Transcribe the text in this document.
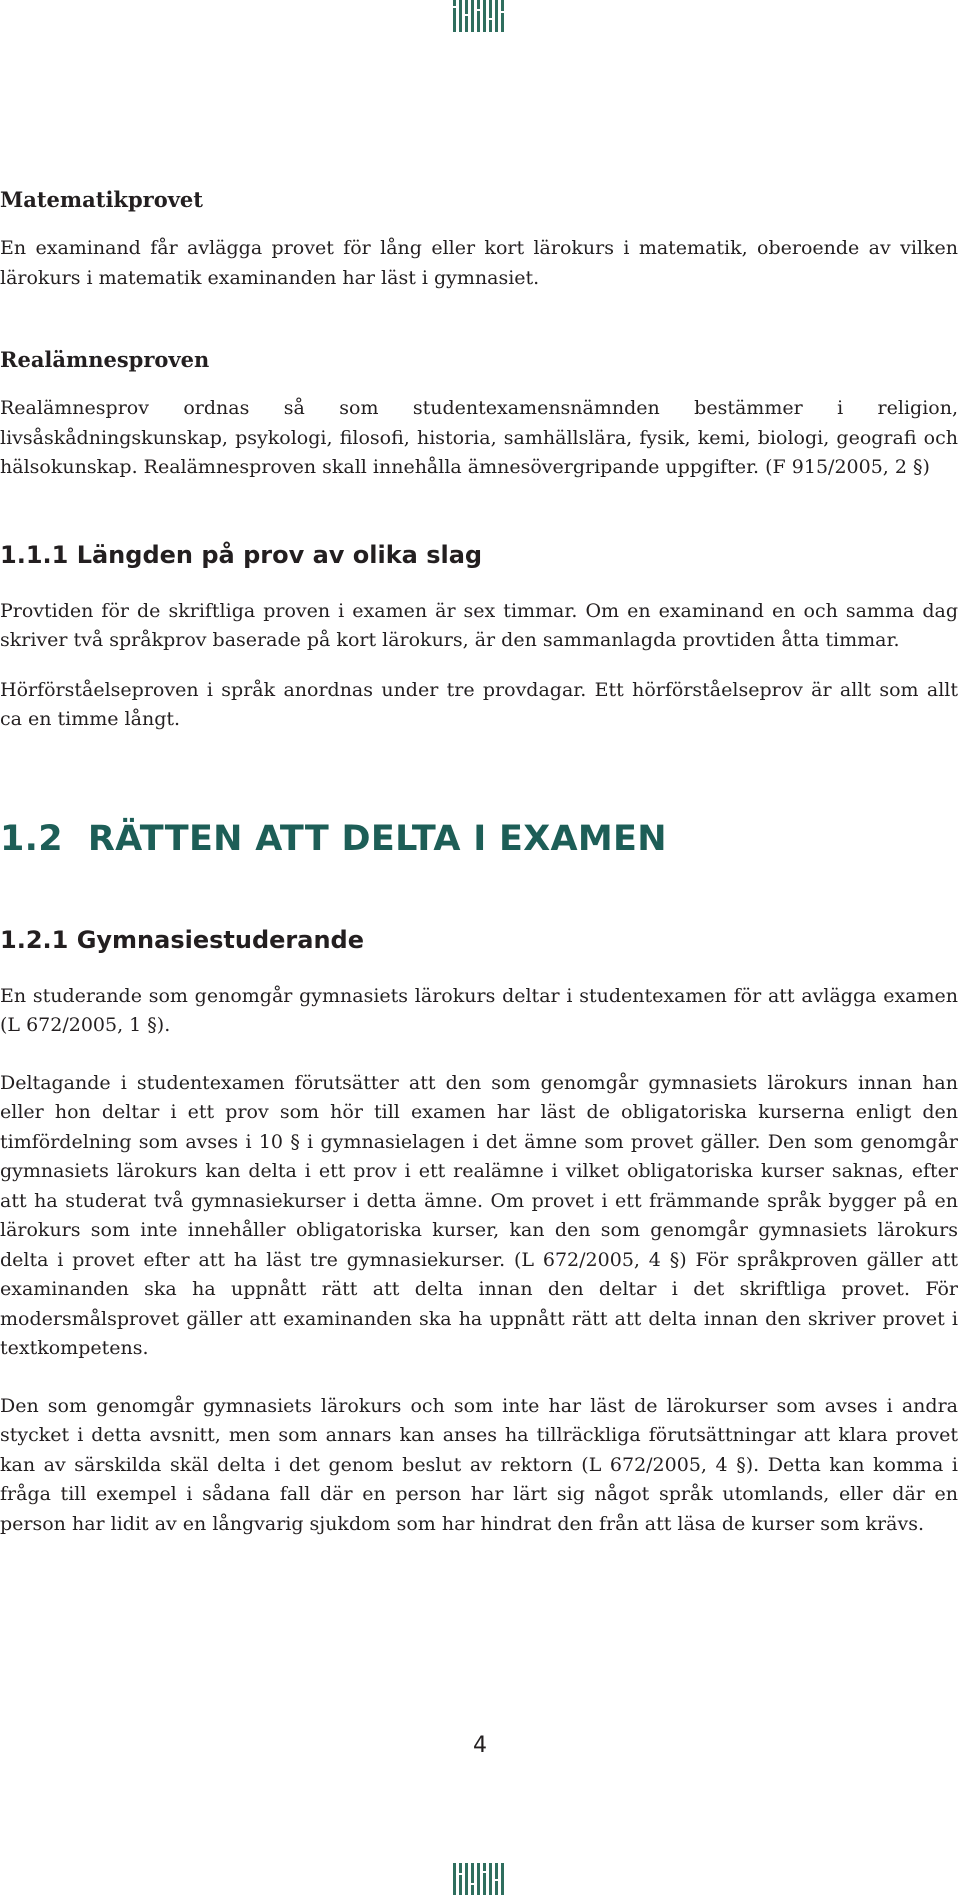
Matematikprovet

En examinand får avlägga provet för lång eller kort lärokurs i matematik, oberoende av vilken lärokurs i matematik examinanden har läst i gymnasiet.

Realämnesproven

Realämnesprov ordnas så som studentexamensnämnden bestämmer i religion, livsåskådningskunskap, psykologi, filosofi, historia, samhällslära, fysik, kemi, biologi, geografi och hälsokunskap. Realämnesproven skall innehålla ämnesövergripande uppgifter. (F 915/2005, 2 §)

1.1.1 Längden på prov av olika slag

Provtiden för de skriftliga proven i examen är sex timmar. Om en examinand en och samma dag skriver två språkprov baserade på kort lärokurs, är den sammanlagda provtiden åtta timmar.

Hörförståelseproven i språk anordnas under tre provdagar. Ett hörförståelseprov är allt som allt ca en timme långt.

1.2  RÄTTEN ATT DELTA I EXAMEN
1.2.1 Gymnasiestuderande

En studerande som genomgår gymnasiets lärokurs deltar i studentexamen för att avlägga examen (L 672/2005, 1 §).

Deltagande i studentexamen förutsätter att den som genomgår gymnasiets lärokurs innan han eller hon deltar i ett prov som hör till examen har läst de obligatoriska kurserna enligt den timfördelning som avses i 10 § i gymnasielagen i det ämne som provet gäller. Den som genomgår gymnasiets lärokurs kan delta i ett prov i ett realämne i vilket obligatoriska kurser saknas, efter att ha studerat två gymnasiekurser i detta ämne. Om provet i ett främmande språk bygger på en lärokurs som inte innehåller obligatoriska kurser, kan den som genomgår gymnasiets lärokurs delta i provet efter att ha läst tre gymnasiekurser. (L 672/2005, 4 §) För språkproven gäller att examinanden ska ha uppnått rätt att delta innan den deltar i det skriftliga provet. För modersmålsprovet gäller att examinanden ska ha uppnått rätt att delta innan den skriver provet i textkompetens.

Den som genomgår gymnasiets lärokurs och som inte har läst de lärokurser som avses i andra stycket i detta avsnitt, men som annars kan anses ha tillräckliga förutsättningar att klara provet kan av särskilda skäl delta i det genom beslut av rektorn (L 672/2005, 4 §). Detta kan komma i fråga till exempel i sådana fall där en person har lärt sig något språk utomlands, eller där en person har lidit av en långvarig sjukdom som har hindrat den från att läsa de kurser som krävs.

4
